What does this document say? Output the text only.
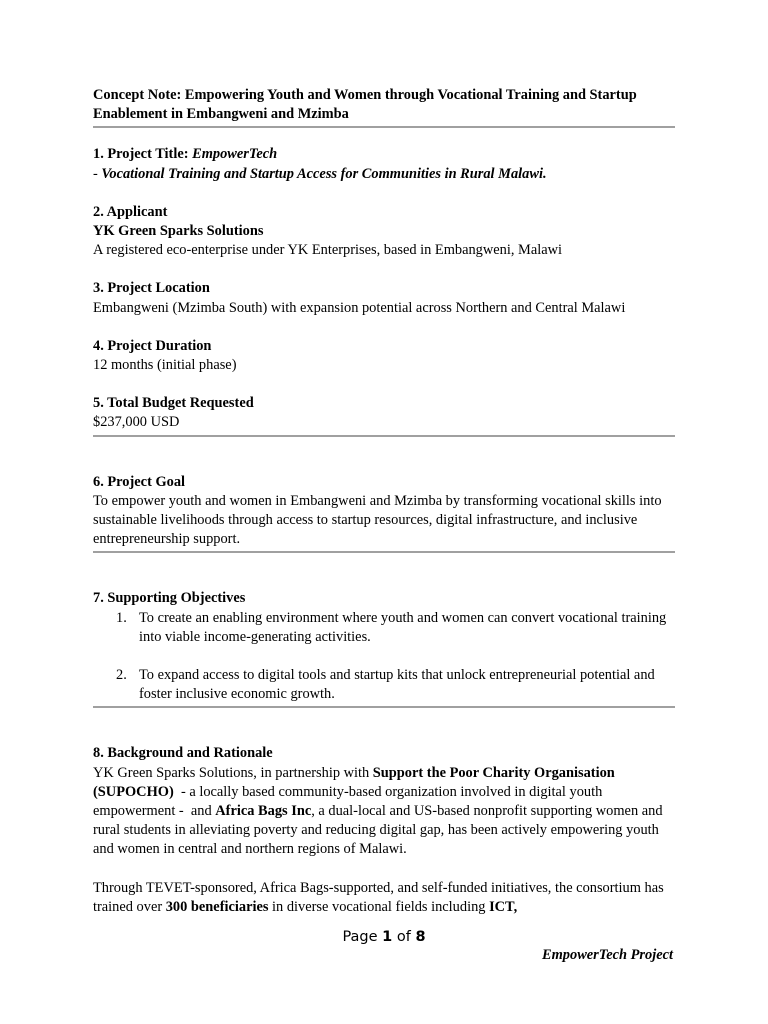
Concept Note: Empowering Youth and Women through Vocational Training and Startup Enablement in Embangweni and Mzimba
1. Project Title: EmpowerTech
- Vocational Training and Startup Access for Communities in Rural Malawi.
2. Applicant
YK Green Sparks Solutions
A registered eco-enterprise under YK Enterprises, based in Embangweni, Malawi
3. Project Location
Embangweni (Mzimba South) with expansion potential across Northern and Central Malawi
4. Project Duration
12 months (initial phase)
5. Total Budget Requested
$237,000 USD
6. Project Goal
To empower youth and women in Embangweni and Mzimba by transforming vocational skills into sustainable livelihoods through access to startup resources, digital infrastructure, and inclusive entrepreneurship support.
7. Supporting Objectives
1. To create an enabling environment where youth and women can convert vocational training into viable income-generating activities.
2. To expand access to digital tools and startup kits that unlock entrepreneurial potential and foster inclusive economic growth.
8. Background and Rationale
YK Green Sparks Solutions, in partnership with Support the Poor Charity Organisation (SUPOCHO)  - a locally based community-based organization involved in digital youth empowerment -  and Africa Bags Inc, a dual-local and US-based nonprofit supporting women and rural students in alleviating poverty and reducing digital gap, has been actively empowering youth and women in central and northern regions of Malawi.
Through TEVET-sponsored, Africa Bags-supported, and self-funded initiatives, the consortium has trained over 300 beneficiaries in diverse vocational fields including ICT,
Page 1 of 8
EmpowerTech Project
